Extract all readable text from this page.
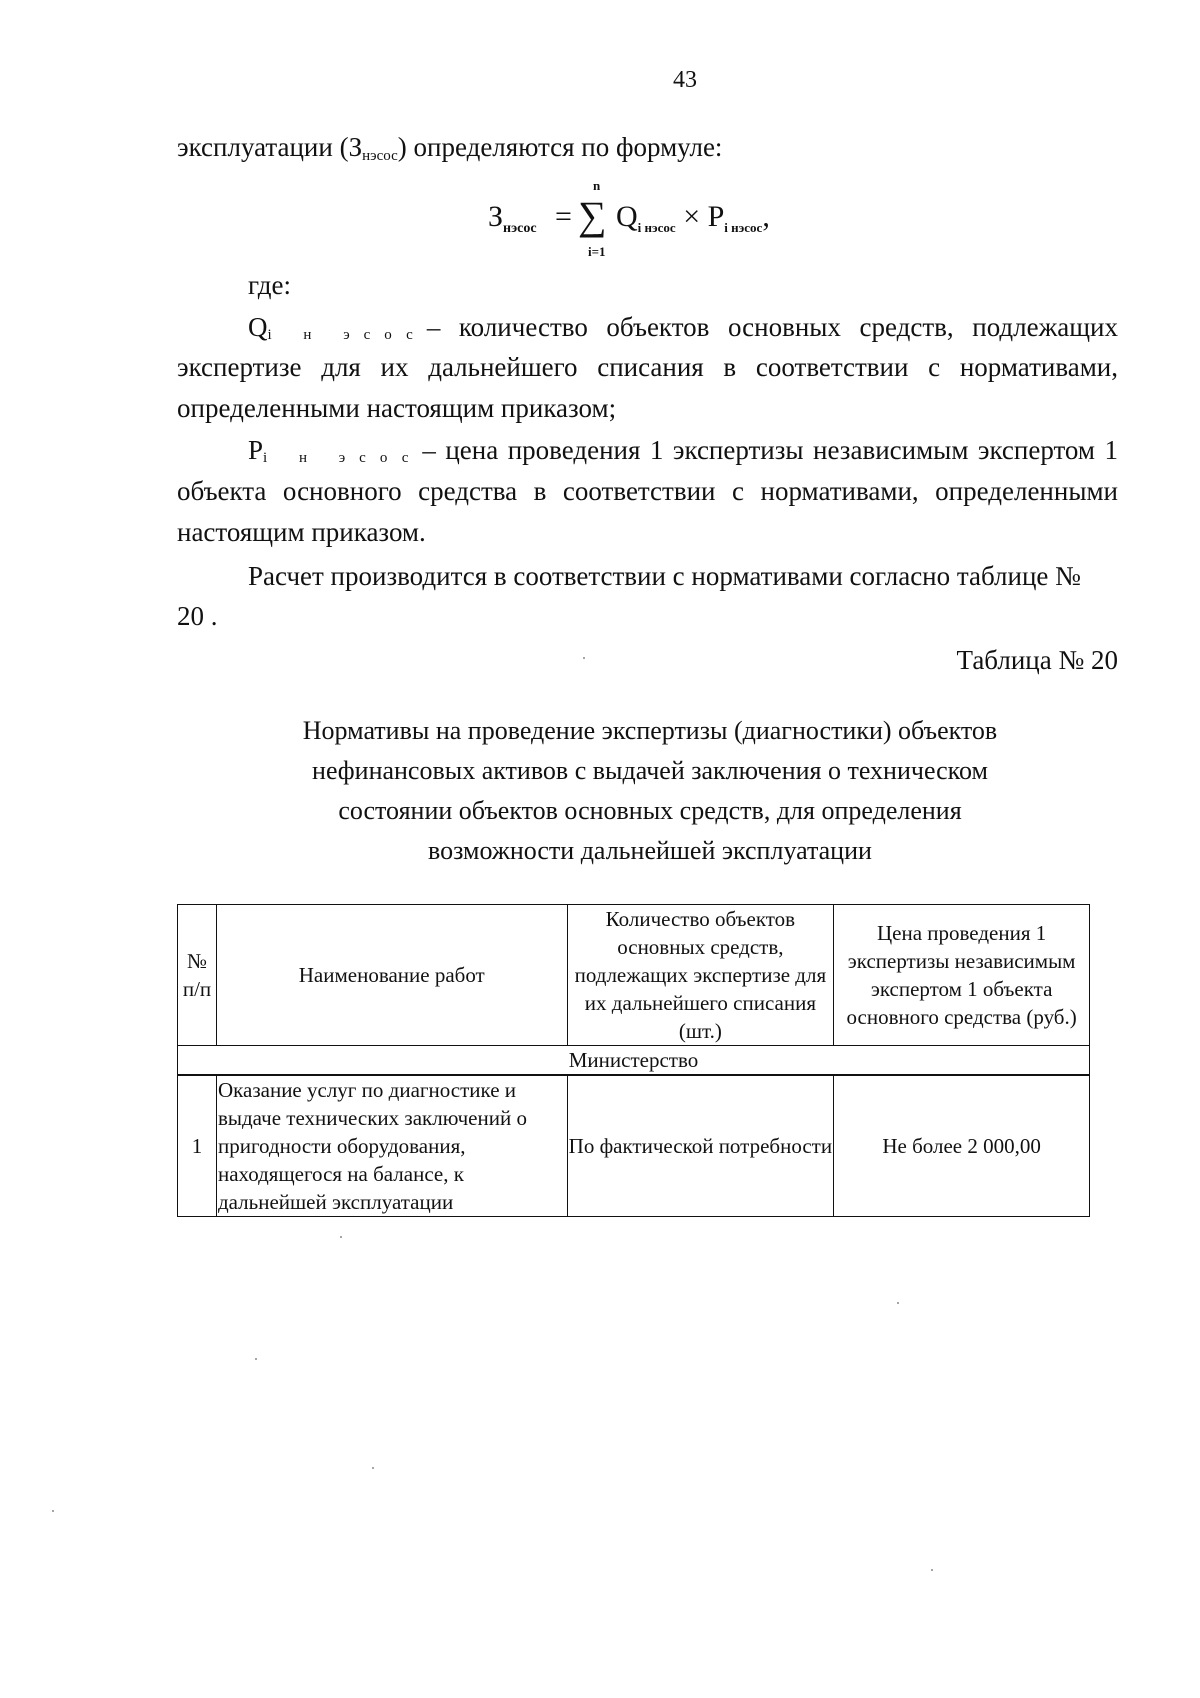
43
эксплуатации $(З_{нэсос})$ определяются по формуле:
$З_{нэсос}$ = ∑
n
i=1
$Q_{i нэсос} \times P_{i нэсос}$,
где:
Qi н эсос – количество объектов основных средств, подлежащих
экспертизе для их дальнейшего списания в соответствии с нормативами,
определенными настоящим приказом;
Pi н эсос – цена проведения 1 экспертизы независимым экспертом 1
объекта основного средства в соответствии с нормативами, определенными
настоящим приказом.
Расчет производится в соответствии с нормативами согласно таблице №
20 .
Таблица № 20
Нормативы на проведение экспертизы (диагностики) объектов
нефинансовых активов с выдачей заключения о техническом
состоянии объектов основных средств, для определения
возможности дальнейшей эксплуатации
№ п/п	Наименование работ	Количество объектов основных средств, подлежащих экспертизе для их дальнейшего списания (шт.)	Цена проведения 1 экспертизы независимым экспертом 1 объекта основного средства (руб.)
Министерство			
1	Оказание услуг по диагностике и выдаче технических заключений о пригодности оборудования, находящегося на балансе, к дальнейшей эксплуатации	По фактической потребности	Не более 2 000,00
